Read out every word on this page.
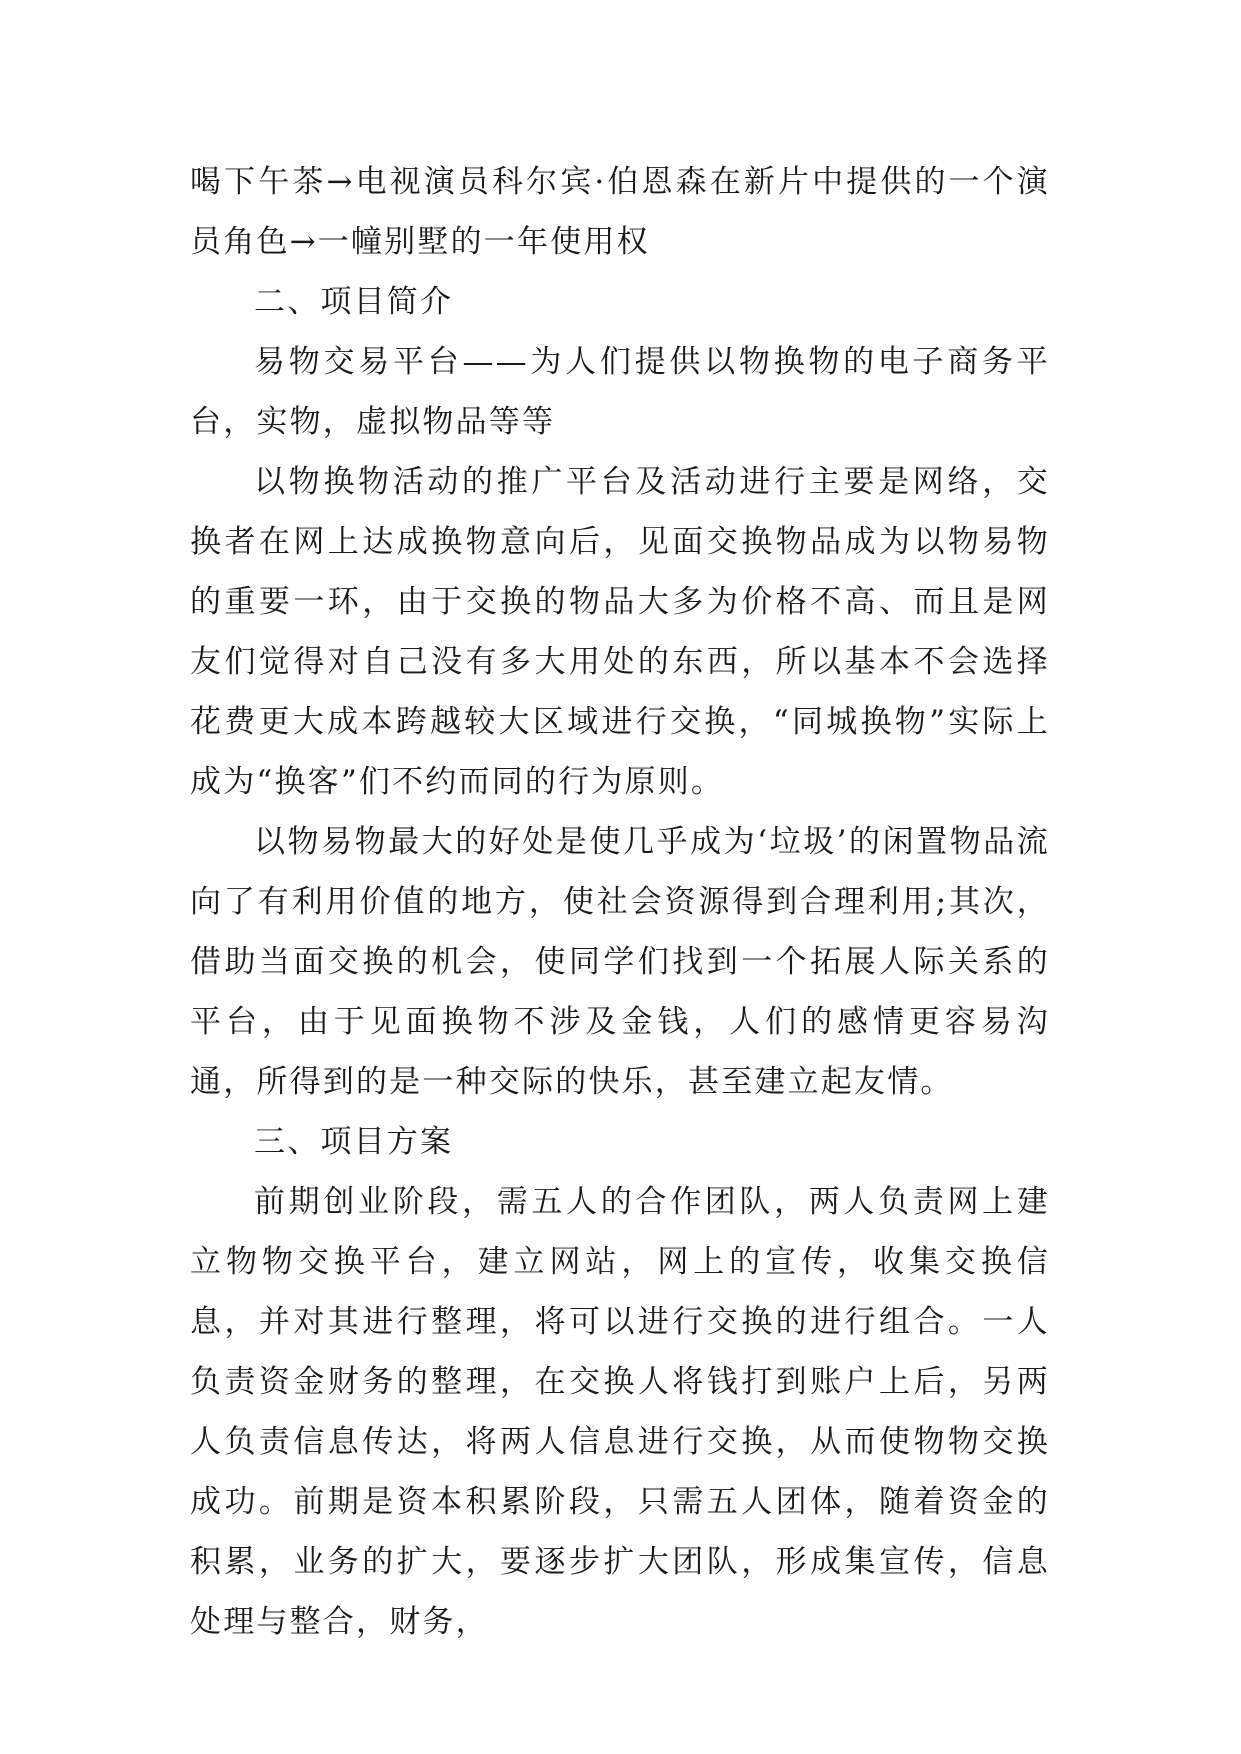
喝下午茶→电视演员科尔宾·伯恩森在新片中提供的一个演员角色→一幢别墅的一年使用权

二、项目简介

易物交易平台——为人们提供以物换物的电子商务平台，实物，虚拟物品等等

以物换物活动的推广平台及活动进行主要是网络，交换者在网上达成换物意向后，见面交换物品成为以物易物的重要一环，由于交换的物品大多为价格不高、而且是网友们觉得对自己没有多大用处的东西，所以基本不会选择花费更大成本跨越较大区域进行交换，“同城换物”实际上成为“换客”们不约而同的行为原则。

以物易物最大的好处是使几乎成为‘垃圾’的闲置物品流向了有利用价值的地方，使社会资源得到合理利用;其次，借助当面交换的机会，使同学们找到一个拓展人际关系的平台，由于见面换物不涉及金钱，人们的感情更容易沟通，所得到的是一种交际的快乐，甚至建立起友情。

三、项目方案

前期创业阶段，需五人的合作团队，两人负责网上建立物物交换平台，建立网站，网上的宣传，收集交换信息，并对其进行整理，将可以进行交换的进行组合。一人负责资金财务的整理，在交换人将钱打到账户上后，另两人负责信息传达，将两人信息进行交换，从而使物物交换成功。前期是资本积累阶段，只需五人团体，随着资金的积累，业务的扩大，要逐步扩大团队，形成集宣传，信息处理与整合，财务，
